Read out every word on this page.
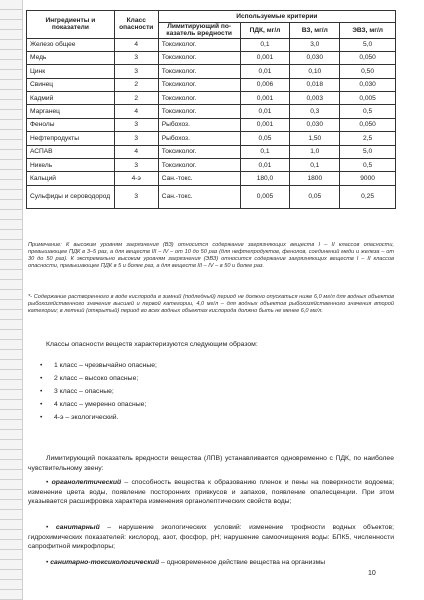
Ингредиенты и показатели	Класс опасности	Используемые критерии			
		Лимитирующий по-казатель вредности	ПДК, мг/л	ВЗ, мг/л	ЭВЗ, мг/л
Железо общее	4	Токсиколог.	0,1	3,0	5,0
Медь	3	Токсиколог.	0,001	0,030	0,050
Цинк	3	Токсиколог.	0,01	0,10	0,50
Свинец	2	Токсиколог.	0,006	0,018	0,030
Кадмий	2	Токсиколог.	0,001	0,003	0,005
Марганец	4	Токсиколог.	0,01	0,3	0,5
Фенолы	3	Рыбохоз.	0,001	0,030	0,050
Нефтепродукты	3	Рыбохоз.	0,05	1,50	2,5
АСПАВ	4	Токсиколог.	0,1	1,0	5,0
Никель	3	Токсиколог.	0,01	0,1	0,5
Кальций	4-э	Сан.-токс.	180,0	1800	9000
Сульфиды и сероводород	3	Сан.-токс.	0,005	0,05	0,25

Примечание: К высоким уровням загрязнения (ВЗ) относится содержание загрязняющих веществ I – II классов опасности, превышающее ПДК в 3–5 раз, а для веществ III – IV – от 10 до 50 раз (для нефтепродуктов, фенолов, соединений меди и железа – от 30 до 50 раз). К экстремально высоким уровням загрязнения (ЭВЗ) относится содержание загрязняющих веществ I – II классов опасности, превышающее ПДК в 5 и более раз, а для веществ III – IV – в 50 и более раз.

*- Содержание растворенного в воде кислорода в зимний (подледный) период не должно опускаться ниже 6,0 мг/л для водных объектов рыбохозяйственного значения высшей и первой категории, 4,0 мг/л – для водных объектов рыбохозяйственного значения второй категории; в летний (открытый) период во всех водных объектах кислорода должно быть не менее 6,0 мг/л.

Классы опасности веществ характеризуются следующим образом:

• 1 класс – чрезвычайно опасные;
• 2 класс – высоко опасные;
• 3 класс – опасные;
• 4 класс – умеренно опасные;
• 4-э – экологический.

Лимитирующий показатель вредности вещества (ЛПВ) устанавливается одновременно с ПДК, по наиболее чувствительному звену:

• органолептический – способность вещества к образованию пленок и пены на поверхности водоема; изменение цвета воды, появление посторонних привкусов и запахов, появление опалесценции. При этом указывается расшифровка характера изменения органолептических свойств воды;

• санитарный – нарушение экологических условий: изменение трофности водных объектов; гидрохимических показателей: кислород, азот, фосфор, pH; нарушение самоочищения воды: БПК5, численности сапрофитной микрофлоры;

• санитарно-токсикологический – одновременное действие вещества на организмы

10
